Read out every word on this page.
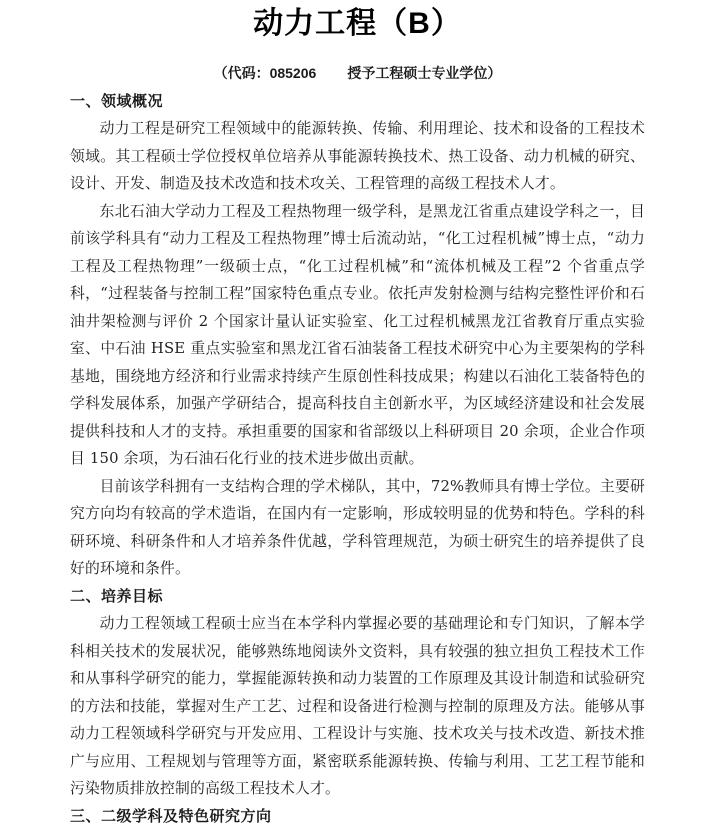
动力工程（B）

（代码：085206        授予工程硕士专业学位）

一、领域概况

动力工程是研究工程领域中的能源转换、传输、利用理论、技术和设备的工程技术领域。其工程硕士学位授权单位培养从事能源转换技术、热工设备、动力机械的研究、设计、开发、制造及技术改造和技术攻关、工程管理的高级工程技术人才。

东北石油大学动力工程及工程热物理一级学科，是黑龙江省重点建设学科之一，目前该学科具有“动力工程及工程热物理”博士后流动站，“化工过程机械”博士点，“动力工程及工程热物理”一级硕士点，“化工过程机械”和“流体机械及工程”2 个省重点学科，“过程装备与控制工程”国家特色重点专业。依托声发射检测与结构完整性评价和石油井架检测与评价 2 个国家计量认证实验室、化工过程机械黑龙江省教育厅重点实验室、中石油 HSE 重点实验室和黑龙江省石油装备工程技术研究中心为主要架构的学科基地，围绕地方经济和行业需求持续产生原创性科技成果；构建以石油化工装备特色的学科发展体系，加强产学研结合，提高科技自主创新水平，为区域经济建设和社会发展提供科技和人才的支持。承担重要的国家和省部级以上科研项目 20 余项，企业合作项目 150 余项，为石油石化行业的技术进步做出贡献。

目前该学科拥有一支结构合理的学术梯队，其中，72%教师具有博士学位。主要研究方向均有较高的学术造诣，在国内有一定影响，形成较明显的优势和特色。学科的科研环境、科研条件和人才培养条件优越，学科管理规范，为硕士研究生的培养提供了良好的环境和条件。

二、培养目标

动力工程领域工程硕士应当在本学科内掌握必要的基础理论和专门知识，了解本学科相关技术的发展状况，能够熟练地阅读外文资料，具有较强的独立担负工程技术工作和从事科学研究的能力，掌握能源转换和动力装置的工作原理及其设计制造和试验研究的方法和技能，掌握对生产工艺、过程和设备进行检测与控制的原理及方法。能够从事动力工程领域科学研究与开发应用、工程设计与实施、技术攻关与技术改造、新技术推广与应用、工程规划与管理等方面，紧密联系能源转换、传输与利用、工艺工程节能和污染物质排放控制的高级工程技术人才。

三、二级学科及特色研究方向
